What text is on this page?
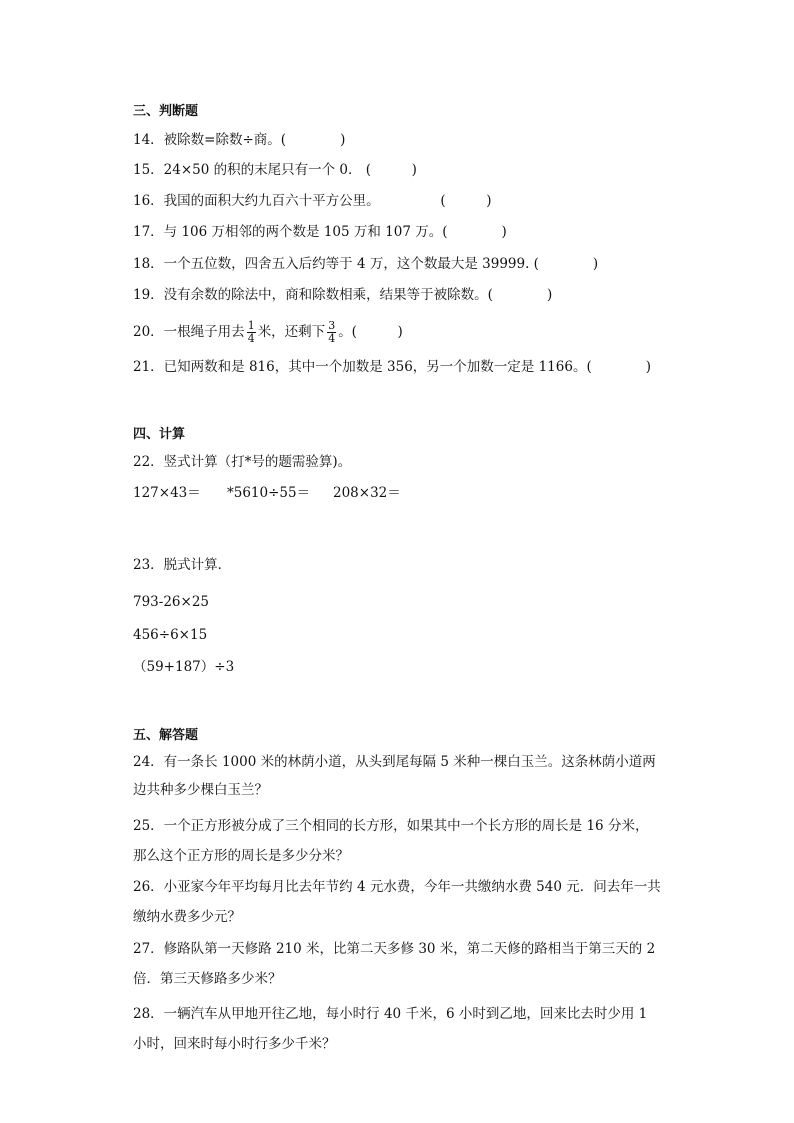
三、判断题
14．被除数=除数÷商。(　　　　)
15．24×50 的积的末尾只有一个 0． (　　　)
16．我国的面积大约九百六十平方公里。　　　　　(　　　)
17．与 106 万相邻的两个数是 105 万和 107 万。(　　　　)
18．一个五位数，四舍五入后约等于 4 万，这个数最大是 39999. (　　　　)
19．没有余数的除法中，商和除数相乘，结果等于被除数。(　　　　)
20．一根绳子用去 $\frac{1}{4}$ 米，还剩下 $\frac{3}{4}$ 。(　　　)
21．已知两数和是 816，其中一个加数是 356，另一个加数一定是 1166。(　　　　)
四、计算
22．竖式计算（打*号的题需验算)。
127×43＝ *5610÷55＝ 208×32＝
23．脱式计算．
793-26×25
456÷6×15
（59+187）÷3
五、解答题
24．有一条长 1000 米的林荫小道，从头到尾每隔 5 米种一棵白玉兰。这条林荫小道两
边共种多少棵白玉兰？
25．一个正方形被分成了三个相同的长方形，如果其中一个长方形的周长是 16 分米，
那么这个正方形的周长是多少分米？
26．小亚家今年平均每月比去年节约 4 元水费，今年一共缴纳水费 540 元．问去年一共
缴纳水费多少元？
27．修路队第一天修路 210 米，比第二天多修 30 米，第二天修的路相当于第三天的 2
倍．第三天修路多少米？
28．一辆汽车从甲地开往乙地，每小时行 40 千米，6 小时到乙地，回来比去时少用 1
小时，回来时每小时行多少千米？
